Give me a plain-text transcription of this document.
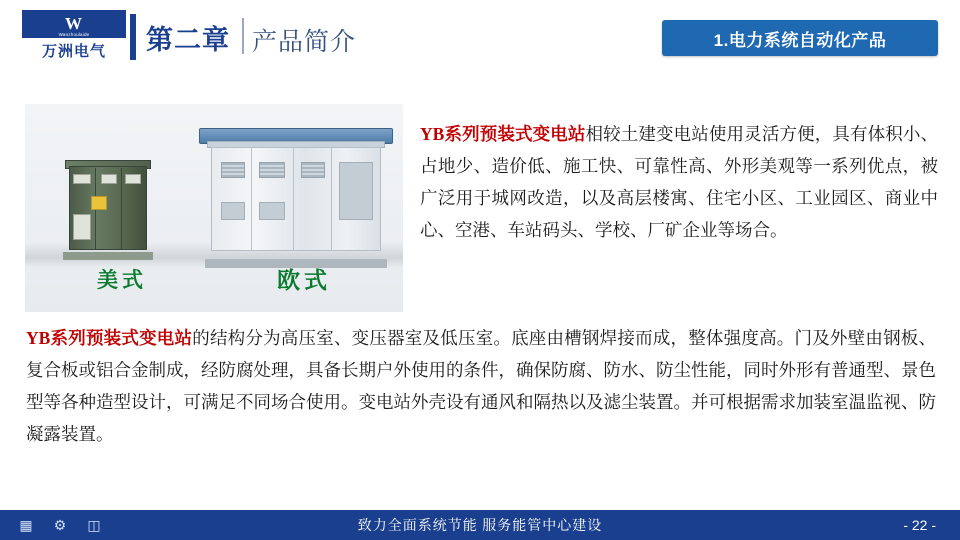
W
Wanzhoulaide
万洲电气 第二章 产品简介	1.电力系统自动化产品
美式	欧式
YB系列预装式变电站相较土建变电站使用灵活方便，具有体积小、占地少、造价低、施工快、可靠性高、外形美观等一系列优点，被广泛用于城网改造，以及高层楼寓、住宅小区、工业园区、商业中心、空港、车站码头、学校、厂矿企业等场合。
YB系列预装式变电站的结构分为高压室、变压器室及低压室。底座由槽钢焊接而成，整体强度高。门及外壁由钢板、复合板或铝合金制成，经防腐处理，具备长期户外使用的条件，确保防腐、防水、防尘性能，同时外形有普通型、景色型等各种造型设计，可满足不同场合使用。变电站外壳设有通风和隔热以及滤尘装置。并可根据需求加装室温监视、防凝露装置。
▦ ⚙ ◫	致力全面系统节能 服务能管中心建设	- 22 -
